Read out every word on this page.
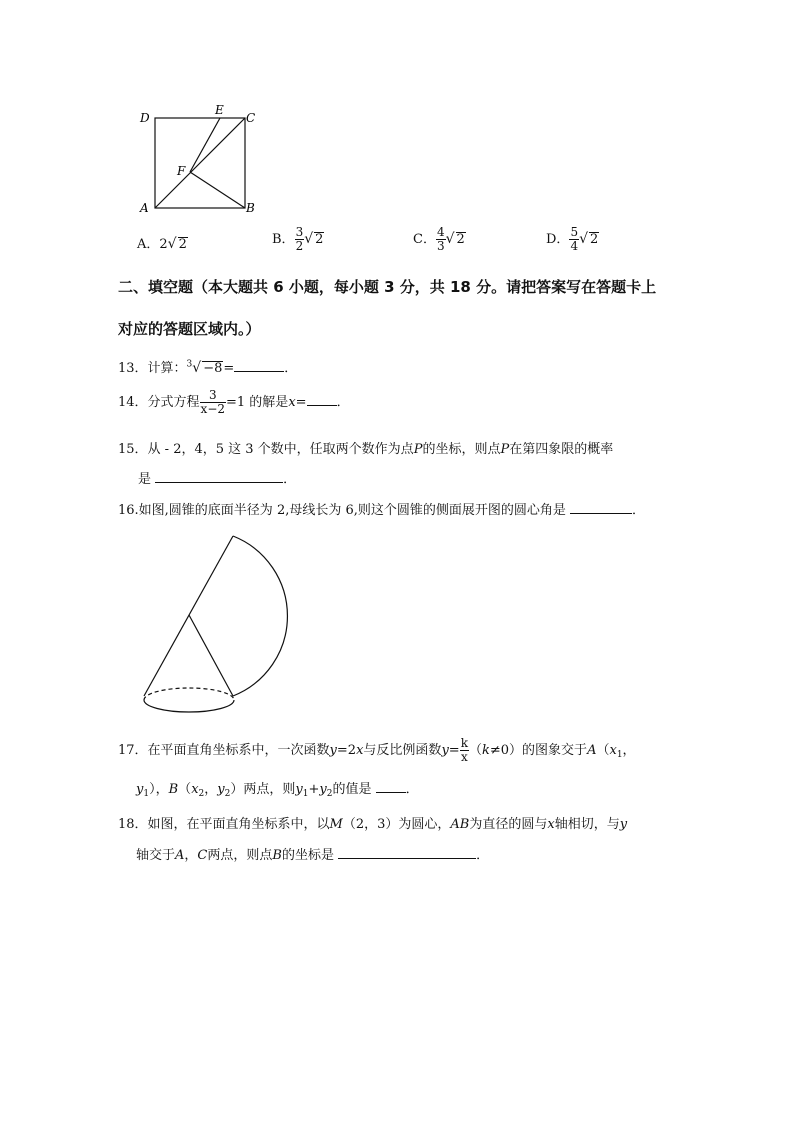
D
E
C
F
A	B
A．2√ 2	B． $\frac{3}{2}$ √ 2	C． $\frac{4}{3}$ √ 2	D． $\frac{5}{4}$ √ 2
二、填空题（本大题共 6 小题，每小题 3 分，共 18 分。请把答案写在答题卡上
对应的答题区域内。）
13．计算：$^3$√ −8=	．
14．分式方程 $\frac{3}{x-2} =1$ 的解是x= ．
15．从 - 2，4，5 这 3 个数中，任取两个数作为点P的坐标，则点P在第四象限的概率
是	．
16.如图,圆锥的底面半径为 2,母线长为 6,则这个圆锥的侧面展开图的圆心角是	．
17．在平面直角坐标系中，一次函数y=2x与反比例函数$y= \frac{k}{x} (k\ne 0)$的图象交于$A(x_1$，
$y_1$），$B(x_2$，$y_2$）两点，则$y_1+y_2$的值是	．
18．如图，在平面直角坐标系中，以M（2，3）为圆心，AB为直径的圆与x轴相切，与y
轴交于A，C两点，则点B的坐标是	．
